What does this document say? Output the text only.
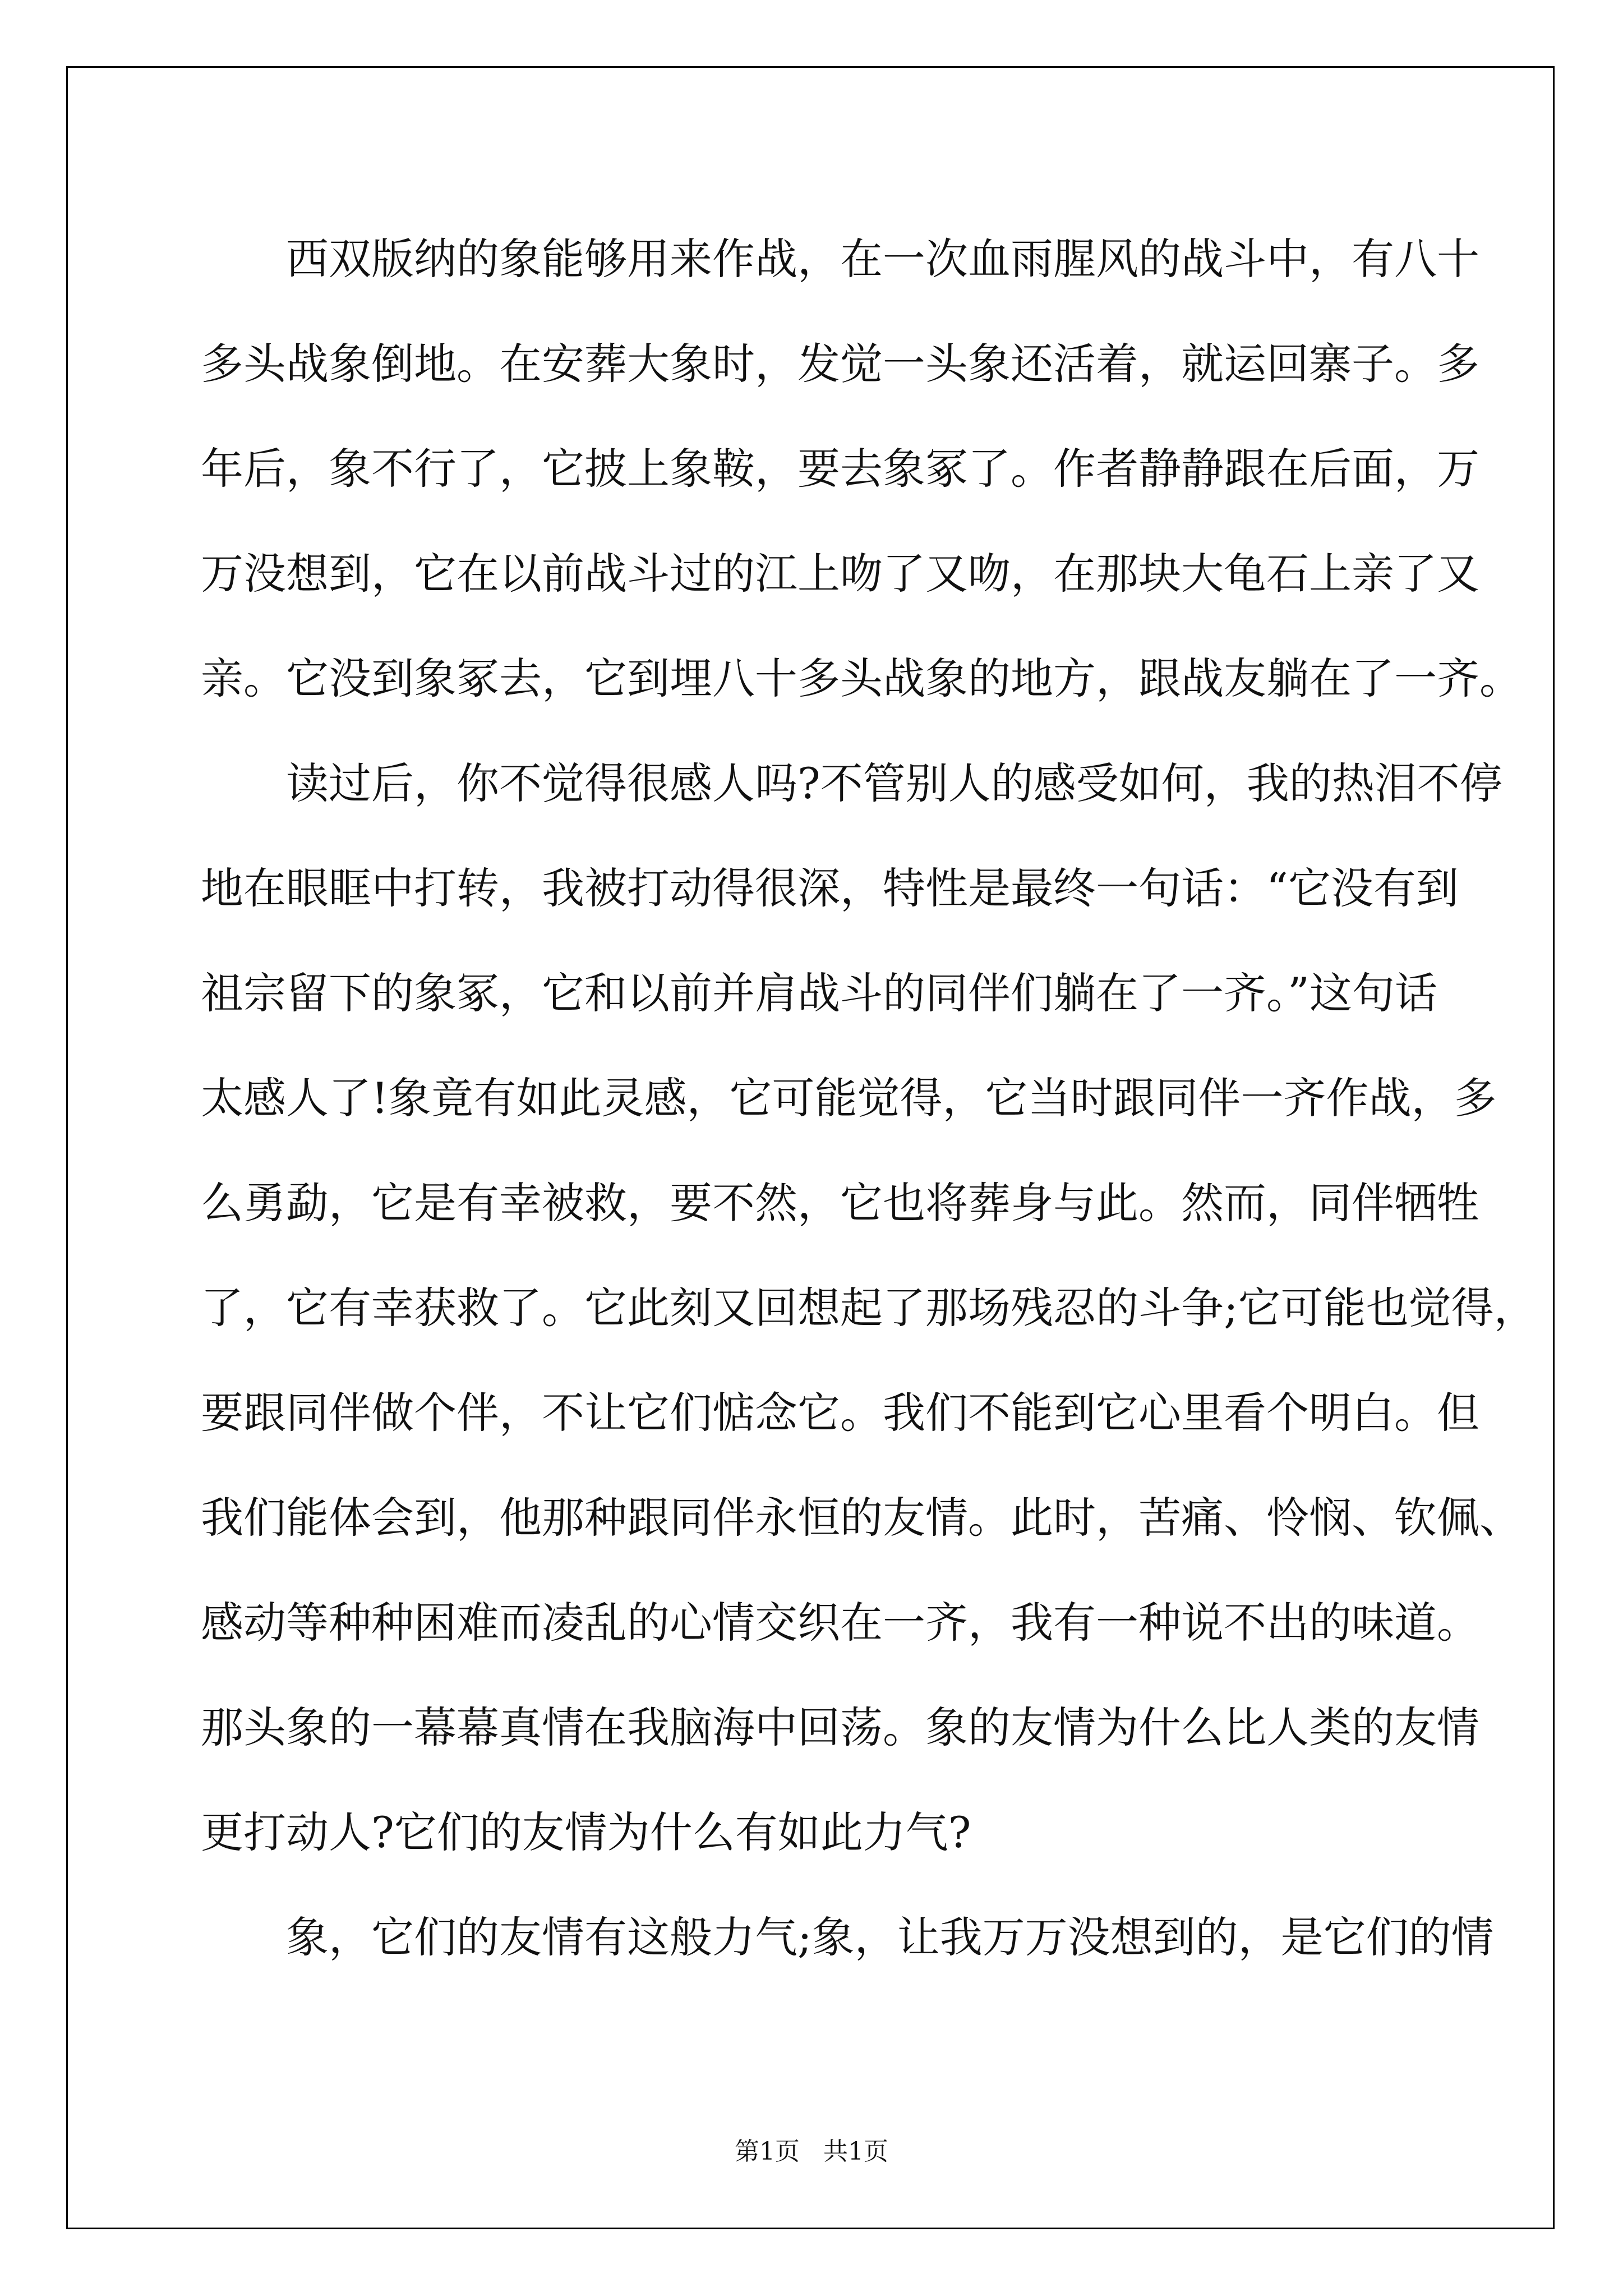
　　西双版纳的象能够用来作战，在一次血雨腥风的战斗中，有八十
多头战象倒地。在安葬大象时，发觉一头象还活着，就运回寨子。多
年后，象不行了，它披上象鞍，要去象冢了。作者静静跟在后面，万
万没想到，它在以前战斗过的江上吻了又吻，在那块大龟石上亲了又
亲。它没到象冢去，它到埋八十多头战象的地方，跟战友躺在了一齐。
　　读过后，你不觉得很感人吗?不管别人的感受如何，我的热泪不停
地在眼眶中打转，我被打动得很深，特性是最终一句话：“它没有到
祖宗留下的象冢，它和以前并肩战斗的同伴们躺在了一齐。”这句话
太感人了!象竟有如此灵感，它可能觉得，它当时跟同伴一齐作战，多
么勇勐，它是有幸被救，要不然，它也将葬身与此。然而，同伴牺牲
了，它有幸获救了。它此刻又回想起了那场残忍的斗争;它可能也觉得，
要跟同伴做个伴，不让它们惦念它。我们不能到它心里看个明白。但
我们能体会到，他那种跟同伴永恒的友情。此时，苦痛、怜悯、钦佩、
感动等种种困难而凌乱的心情交织在一齐，我有一种说不出的味道。
那头象的一幕幕真情在我脑海中回荡。象的友情为什么比人类的友情
更打动人?它们的友情为什么有如此力气?
　　象，它们的友情有这般力气;象，让我万万没想到的，是它们的情
第1页   共1页
